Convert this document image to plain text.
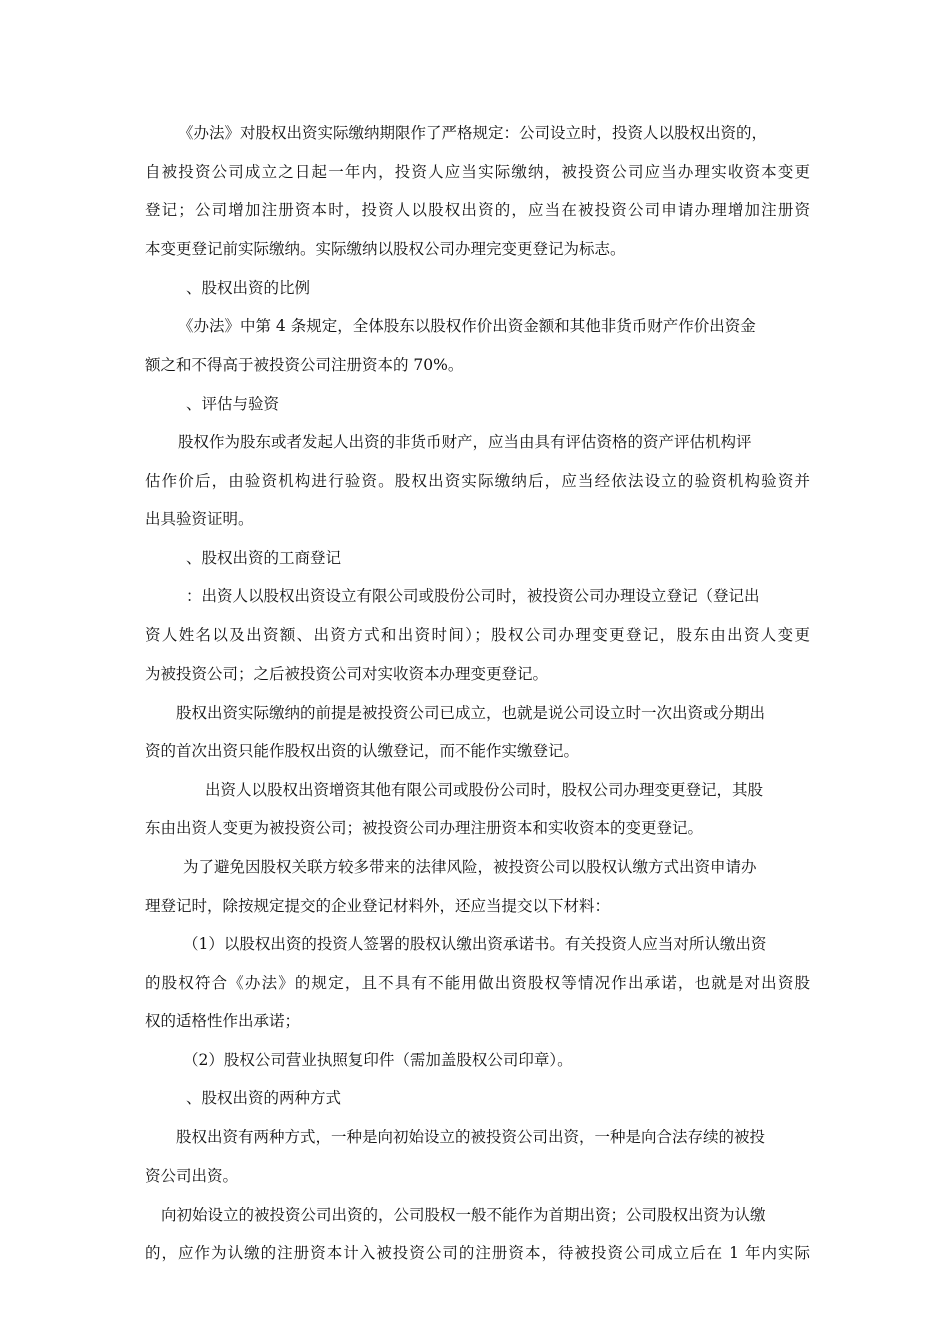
《办法》对股权出资实际缴纳期限作了严格规定：公司设立时，投资人以股权出资的，
自被投资公司成立之日起一年内，投资人应当实际缴纳，被投资公司应当办理实收资本变更
登记；公司增加注册资本时，投资人以股权出资的，应当在被投资公司申请办理增加注册资
本变更登记前实际缴纳。实际缴纳以股权公司办理完变更登记为标志。
、股权出资的比例
《办法》中第 4 条规定，全体股东以股权作价出资金额和其他非货币财产作价出资金
额之和不得高于被投资公司注册资本的 70%。
、评估与验资
股权作为股东或者发起人出资的非货币财产，应当由具有评估资格的资产评估机构评
估作价后，由验资机构进行验资。股权出资实际缴纳后，应当经依法设立的验资机构验资并
出具验资证明。
、股权出资的工商登记
：出资人以股权出资设立有限公司或股份公司时，被投资公司办理设立登记（登记出
资人姓名以及出资额、出资方式和出资时间）；股权公司办理变更登记，股东由出资人变更
为被投资公司；之后被投资公司对实收资本办理变更登记。
股权出资实际缴纳的前提是被投资公司已成立，也就是说公司设立时一次出资或分期出
资的首次出资只能作股权出资的认缴登记，而不能作实缴登记。
出资人以股权出资增资其他有限公司或股份公司时，股权公司办理变更登记，其股
东由出资人变更为被投资公司；被投资公司办理注册资本和实收资本的变更登记。
为了避免因股权关联方较多带来的法律风险，被投资公司以股权认缴方式出资申请办
理登记时，除按规定提交的企业登记材料外，还应当提交以下材料：
（1）以股权出资的投资人签署的股权认缴出资承诺书。有关投资人应当对所认缴出资
的股权符合《办法》的规定，且不具有不能用做出资股权等情况作出承诺，也就是对出资股
权的适格性作出承诺；
（2）股权公司营业执照复印件（需加盖股权公司印章）。
、股权出资的两种方式
股权出资有两种方式，一种是向初始设立的被投资公司出资，一种是向合法存续的被投
资公司出资。
向初始设立的被投资公司出资的，公司股权一般不能作为首期出资；公司股权出资为认缴
的，应作为认缴的注册资本计入被投资公司的注册资本，待被投资公司成立后在 1 年内实际
